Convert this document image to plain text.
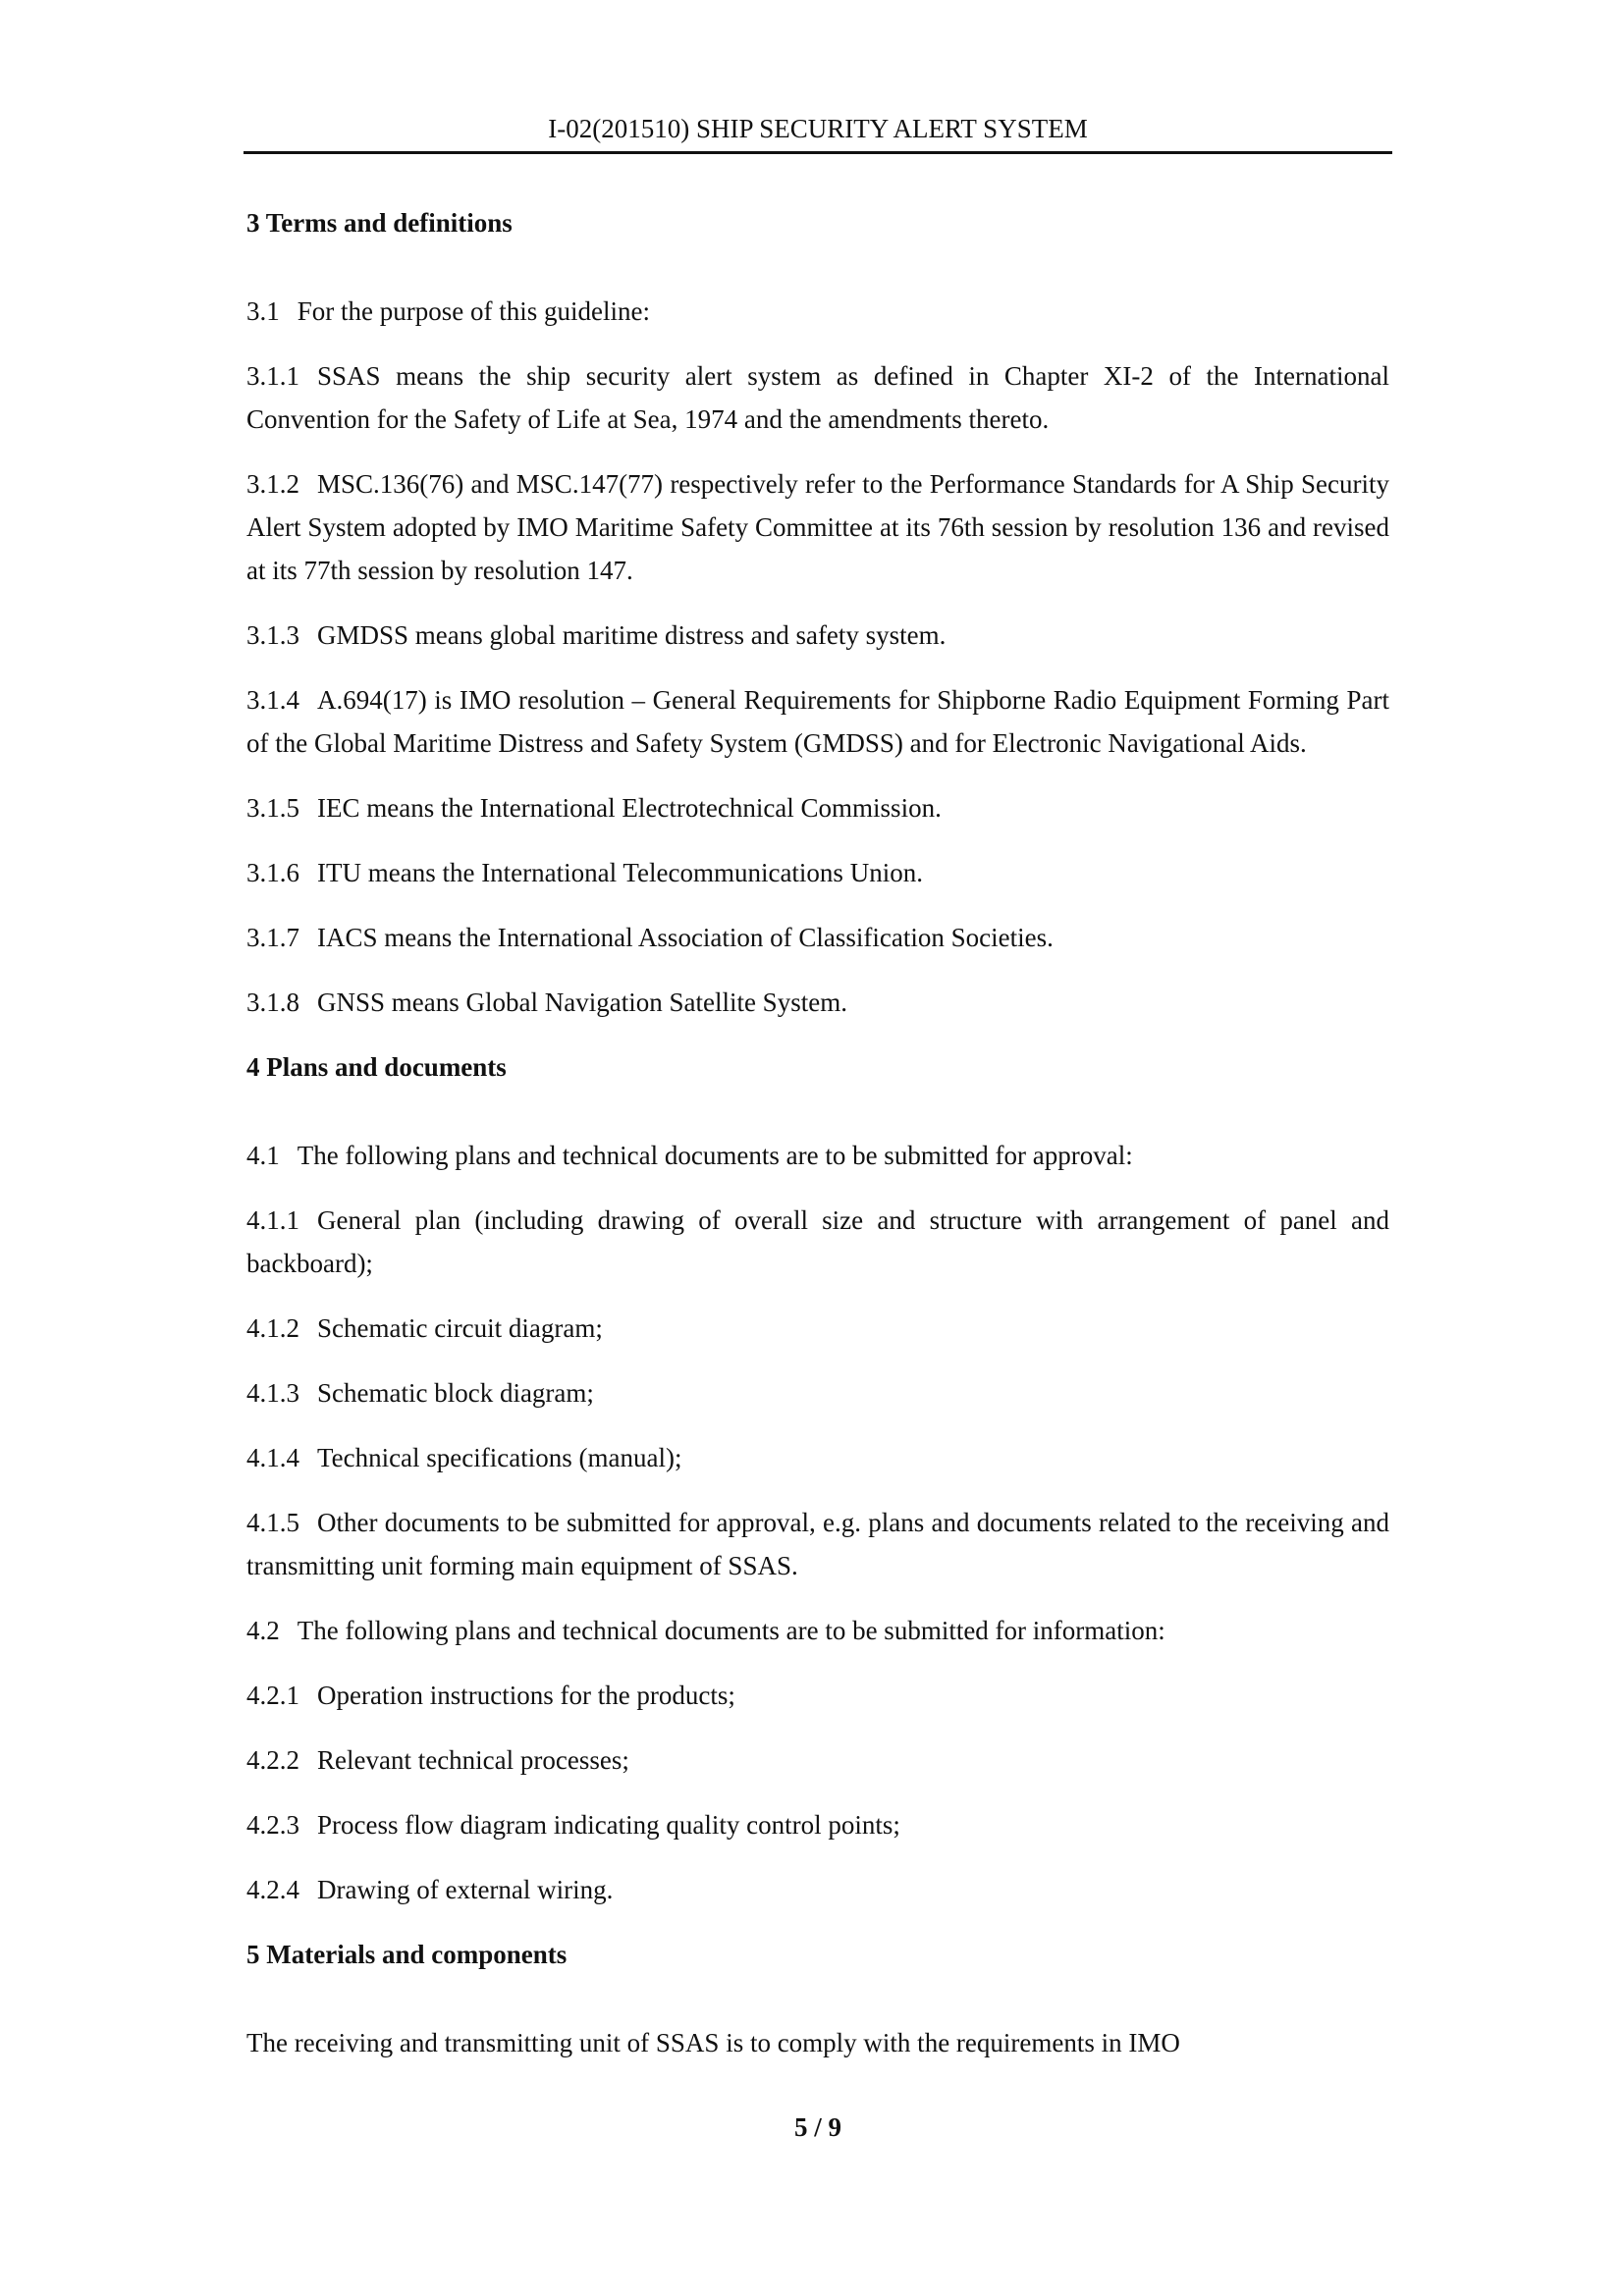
I-02(201510) SHIP SECURITY ALERT SYSTEM
3 Terms and definitions

3.1 For the purpose of this guideline:

3.1.1 SSAS means the ship security alert system as defined in Chapter XI-2 of the International Convention for the Safety of Life at Sea, 1974 and the amendments thereto.

3.1.2 MSC.136(76) and MSC.147(77) respectively refer to the Performance Standards for A Ship Security Alert System adopted by IMO Maritime Safety Committee at its 76th session by resolution 136 and revised at its 77th session by resolution 147.

3.1.3 GMDSS means global maritime distress and safety system.

3.1.4 A.694(17) is IMO resolution – General Requirements for Shipborne Radio Equipment Forming Part of the Global Maritime Distress and Safety System (GMDSS) and for Electronic Navigational Aids.

3.1.5 IEC means the International Electrotechnical Commission.

3.1.6 ITU means the International Telecommunications Union.

3.1.7 IACS means the International Association of Classification Societies.

3.1.8 GNSS means Global Navigation Satellite System.

4 Plans and documents

4.1 The following plans and technical documents are to be submitted for approval:

4.1.1 General plan (including drawing of overall size and structure with arrangement of panel and backboard);

4.1.2 Schematic circuit diagram;

4.1.3 Schematic block diagram;

4.1.4 Technical specifications (manual);

4.1.5 Other documents to be submitted for approval, e.g. plans and documents related to the receiving and transmitting unit forming main equipment of SSAS.

4.2 The following plans and technical documents are to be submitted for information:

4.2.1 Operation instructions for the products;

4.2.2 Relevant technical processes;

4.2.3 Process flow diagram indicating quality control points;

4.2.4 Drawing of external wiring.

5 Materials and components

The receiving and transmitting unit of SSAS is to comply with the requirements in IMO

5 / 9
